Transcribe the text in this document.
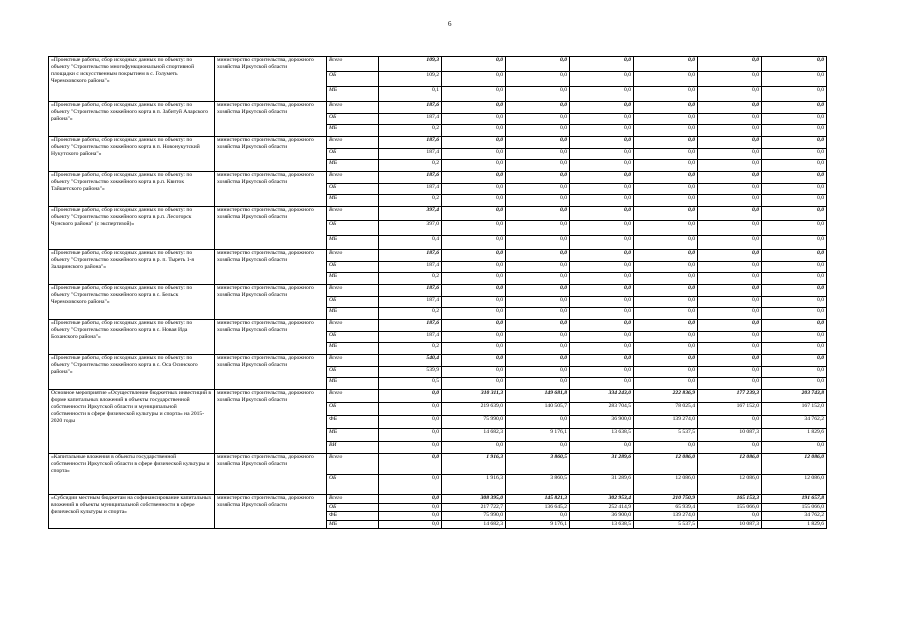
6
«Проектные работы, сбор исходных данных по объекту: по объекту "Строительство многофункциональной спортивной площадки с искусственным покрытием в с. Голуметь Черемховского района"»	министерство строительства, дорожного хозяйства Иркутской области	Всего	109,3	0,0	0,0	0,0	0,0	0,0	0,0
		ОБ	109,2	0,0	0,0	0,0	0,0	0,0	0,0
		МБ	0,1	0,0	0,0	0,0	0,0	0,0	0,0
«Проектные работы, сбор исходных данных по объекту: по объекту "Строительство хоккейного корта в п. Забитуй Аларского района"»	министерство строительства, дорожного хозяйства Иркутской области	Всего	187,6	0,0	0,0	0,0	0,0	0,0	0,0
		ОБ	187,4	0,0	0,0	0,0	0,0	0,0	0,0
		МБ	0,2	0,0	0,0	0,0	0,0	0,0	0,0
«Проектные работы, сбор исходных данных по объекту: по объекту "Строительство хоккейного корта в п. Новонукутский Нукутского района"»	министерство строительства, дорожного хозяйства Иркутской области	Всего	187,6	0,0	0,0	0,0	0,0	0,0	0,0
		ОБ	187,4	0,0	0,0	0,0	0,0	0,0	0,0
		МБ	0,2	0,0	0,0	0,0	0,0	0,0	0,0
«Проектные работы, сбор исходных данных по объекту: по объекту "Строительство хоккейного корта в р.п. Квиток Тайшетского района"»	министерство строительства, дорожного хозяйства Иркутской области	Всего	187,6	0,0	0,0	0,0	0,0	0,0	0,0
		ОБ	187,4	0,0	0,0	0,0	0,0	0,0	0,0
		МБ	0,2	0,0	0,0	0,0	0,0	0,0	0,0
«Проектные работы, сбор исходных данных по объекту: по объекту "Строительство хоккейного корта в р.п. Лесогорск Чунского района" (с экспертизой)»	министерство строительства, дорожного хозяйства Иркутской области	Всего	397,4	0,0	0,0	0,0	0,0	0,0	0,0
		ОБ	397,0	0,0	0,0	0,0	0,0	0,0	0,0
		МБ	0,4	0,0	0,0	0,0	0,0	0,0	0,0
«Проектные работы, сбор исходных данных по объекту: по объекту "Строительство хоккейного корта в р. п. Тыреть 1-я Заларинского района"»	министерство строительства, дорожного хозяйства Иркутской области	Всего	187,6	0,0	0,0	0,0	0,0	0,0	0,0
		ОБ	187,4	0,0	0,0	0,0	0,0	0,0	0,0
		МБ	0,2	0,0	0,0	0,0	0,0	0,0	0,0
«Проектные работы, сбор исходных данных по объекту: по объекту "Строительство хоккейного корта в с. Бельск Черемховского района"»	министерство строительства, дорожного хозяйства Иркутской области	Всего	187,6	0,0	0,0	0,0	0,0	0,0	0,0
		ОБ	187,4	0,0	0,0	0,0	0,0	0,0	0,0
		МБ	0,2	0,0	0,0	0,0	0,0	0,0	0,0
«Проектные работы, сбор исходных данных по объекту: по объекту "Строительство хоккейного корта в с. Новая Ида Боханского района"»	министерство строительства, дорожного хозяйства Иркутской области	Всего	187,6	0,0	0,0	0,0	0,0	0,0	0,0
		ОБ	187,4	0,0	0,0	0,0	0,0	0,0	0,0
		МБ	0,2	0,0	0,0	0,0	0,0	0,0	0,0
«Проектные работы, сбор исходных данных по объекту: по объекту "Строительство хоккейного корта в с. Оса Осинского района"»	министерство строительства, дорожного хозяйства Иркутской области	Всего	540,4	0,0	0,0	0,0	0,0	0,0	0,0
		ОБ	539,9	0,0	0,0	0,0	0,0	0,0	0,0
		МБ	0,5	0,0	0,0	0,0	0,0	0,0	0,0
Основное мероприятие «Осуществление бюджетных инвестиций в форме капитальных вложений в объекты государственной собственности Иркутской области и муниципальной собственности в сфере физической культуры и спорта» на 2015-2020 годы	министерство строительства, дорожного хозяйства Иркутской области	Всего	0,0	310 311,3	149 681,8	334 243,0	222 836,9	177 239,3	203 743,8
		ОБ	0,0	219 639,0	140 505,7	283 704,5	78 025,4	167 152,0	167 152,0
		ФБ	0,0	75 990,0	0,0	36 900,0	139 274,0	0,0	34 762,2
		МБ	0,0	14 682,3	9 176,1	13 638,5	5 537,5	10 087,3	1 829,6
		ВИ	0,0	0,0	0,0	0,0	0,0	0,0	0,0
«Капитальные вложения в объекты государственной собственности Иркутской области в сфере физической культуры и спорта»	министерство строительства, дорожного хозяйства Иркутской области	Всего	0,0	1 916,3	3 860,5	31 289,6	12 086,0	12 086,0	12 086,0
		ОБ	0,0	1 916,3	3 860,5	31 289,6	12 086,0	12 086,0	12 086,0
«Субсидии местным бюджетам на софинансирование капитальных вложений в объекты муниципальной собственности в сфере физической культуры и спорта»	министерство строительства, дорожного хозяйства Иркутской области	Всего	0,0	308 395,0	145 821,3	302 953,4	210 750,9	165 153,3	191 657,8
		ОБ	0,0	217 722,7	136 645,2	252 414,9	65 939,4	155 066,0	155 066,0
		ФБ	0,0	75 990,0	0,0	36 900,0	139 274,0	0,0	34 762,2
		МБ	0,0	14 682,3	9 176,1	13 638,5	5 537,5	10 087,3	1 829,6
